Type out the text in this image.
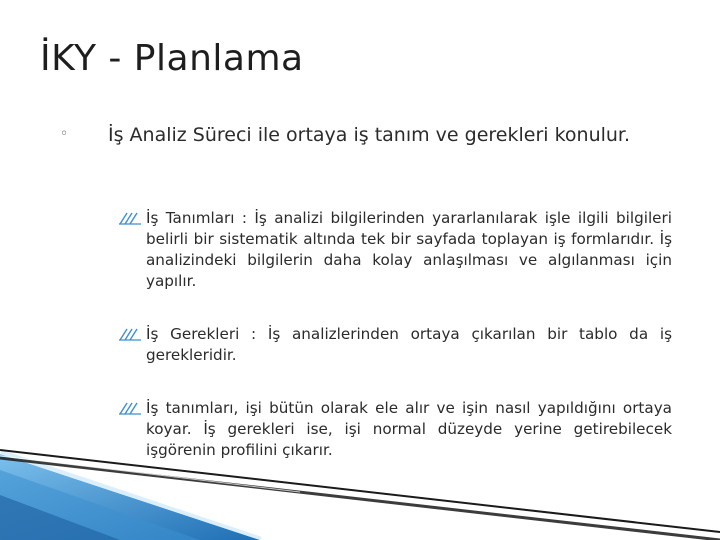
İKY - Planlama
◦ İş Analiz Süreci ile ortaya iş tanım ve gerekleri konulur.
İş Tanımları : İş analizi bilgilerinden yararlanılarak işle ilgili bilgileri belirli bir sistematik altında tek bir sayfada toplayan iş formlarıdır. İş analizindeki bilgilerin daha kolay anlaşılması ve algılanması için yapılır.
İş Gerekleri : İş analizlerinden ortaya çıkarılan bir tablo da iş gerekleridir.
İş tanımları, işi bütün olarak ele alır ve işin nasıl yapıldığını ortaya koyar. İş gerekleri ise, işi normal düzeyde yerine getirebilecek işgörenin profilini çıkarır.
